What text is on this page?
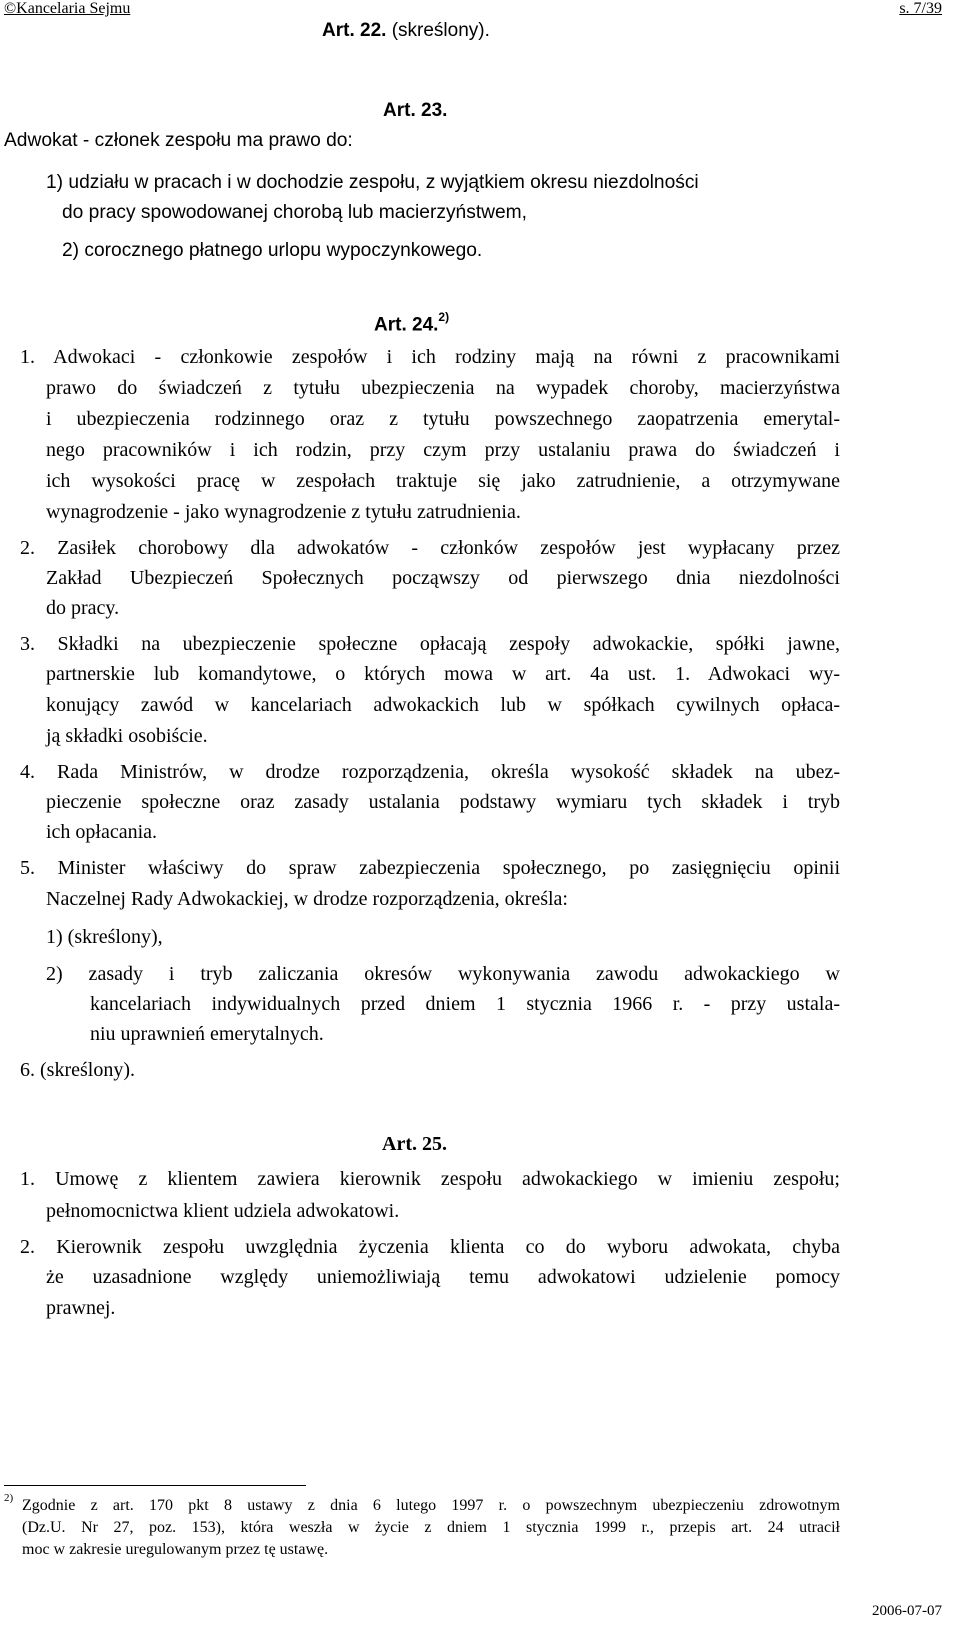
©Kancelaria Sejmu	s. 7/39
Art. 22. (skreślony).
Art. 23.
Adwokat - członek zespołu ma prawo do:
1) udziału w pracach i w dochodzie zespołu, z wyjątkiem okresu niezdolności
do pracy spowodowanej chorobą lub macierzyństwem,
2) corocznego płatnego urlopu wypoczynkowego.
Art. 24.$^{2)}$
1. Adwokaci - członkowie zespołów i ich rodziny mają na równi z pracownikami
prawo do świadczeń z tytułu ubezpieczenia na wypadek choroby, macierzyństwa
i ubezpieczenia rodzinnego oraz z tytułu powszechnego zaopatrzenia emerytal-
nego pracowników i ich rodzin, przy czym przy ustalaniu prawa do świadczeń i
ich wysokości pracę w zespołach traktuje się jako zatrudnienie, a otrzymywane
wynagrodzenie - jako wynagrodzenie z tytułu zatrudnienia.
2. Zasiłek chorobowy dla adwokatów - członków zespołów jest wypłacany przez
Zakład Ubezpieczeń Społecznych począwszy od pierwszego dnia niezdolności
do pracy.
3. Składki na ubezpieczenie społeczne opłacają zespoły adwokackie, spółki jawne,
partnerskie lub komandytowe, o których mowa w art. 4a ust. 1. Adwokaci wy-
konujący zawód w kancelariach adwokackich lub w spółkach cywilnych opłaca-
ją składki osobiście.
4. Rada Ministrów, w drodze rozporządzenia, określa wysokość składek na ubez-
pieczenie społeczne oraz zasady ustalania podstawy wymiaru tych składek i tryb
ich opłacania.
5. Minister właściwy do spraw zabezpieczenia społecznego, po zasięgnięciu opinii
Naczelnej Rady Adwokackiej, w drodze rozporządzenia, określa:
1) (skreślony),
2) zasady i tryb zaliczania okresów wykonywania zawodu adwokackiego w
kancelariach indywidualnych przed dniem 1 stycznia 1966 r. - przy ustala-
niu uprawnień emerytalnych.
6. (skreślony).
Art. 25.
1. Umowę z klientem zawiera kierownik zespołu adwokackiego w imieniu zespołu;
pełnomocnictwa klient udziela adwokatowi.
2. Kierownik zespołu uwzględnia życzenia klienta co do wyboru adwokata, chyba
że uzasadnione względy uniemożliwiają temu adwokatowi udzielenie pomocy
prawnej.
$^{2)}$ Zgodnie z art. 170 pkt 8 ustawy z dnia 6 lutego 1997 r. o powszechnym ubezpieczeniu zdrowotnym
(Dz.U. Nr 27, poz. 153), która weszła w życie z dniem 1 stycznia 1999 r., przepis art. 24 utracił
moc w zakresie uregulowanym przez tę ustawę.
2006-07-07
